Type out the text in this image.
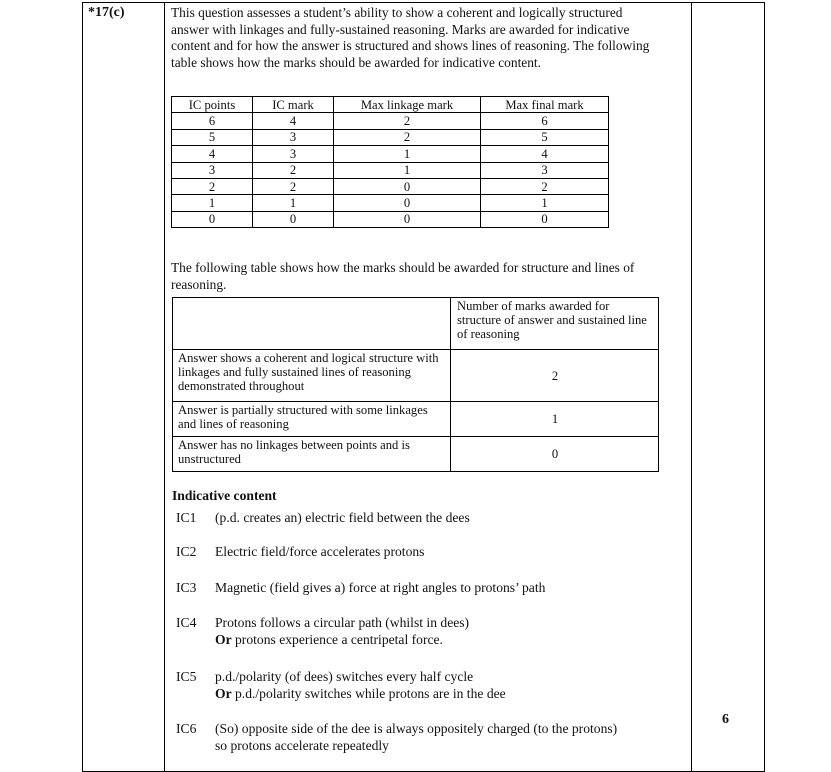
*17(c)
6
This question assesses a student’s ability to show a coherent and logically structured answer with linkages and fully-sustained reasoning. Marks are awarded for indicative content and for how the answer is structured and shows lines of reasoning. The following table shows how the marks should be awarded for indicative content.
IC points	IC mark	Max linkage mark	Max final mark
6	4	2	6
5	3	2	5
4	3	1	4
3	2	1	3
2	2	0	2
1	1	0	1
0	0	0	0
The following table shows how the marks should be awarded for structure and lines of reasoning.
	Number of marks awarded for structure of answer and sustained line of reasoning
Answer shows a coherent and logical structure with linkages and fully sustained lines of reasoning demonstrated throughout	2
Answer is partially structured with some linkages and lines of reasoning	1
Answer has no linkages between points and is unstructured	0
Indicative content
IC1 (p.d. creates an) electric field between the dees
IC2 Electric field/force accelerates protons
IC3 Magnetic (field gives a) force at right angles to protons’ path
IC4 Protons follows a circular path (whilst in dees)
Or protons experience a centripetal force.
IC5 p.d./polarity (of dees) switches every half cycle
Or p.d./polarity switches while protons are in the dee
IC6	(So) opposite side of the dee is always oppositely charged (to the protons) so protons accelerate repeatedly
